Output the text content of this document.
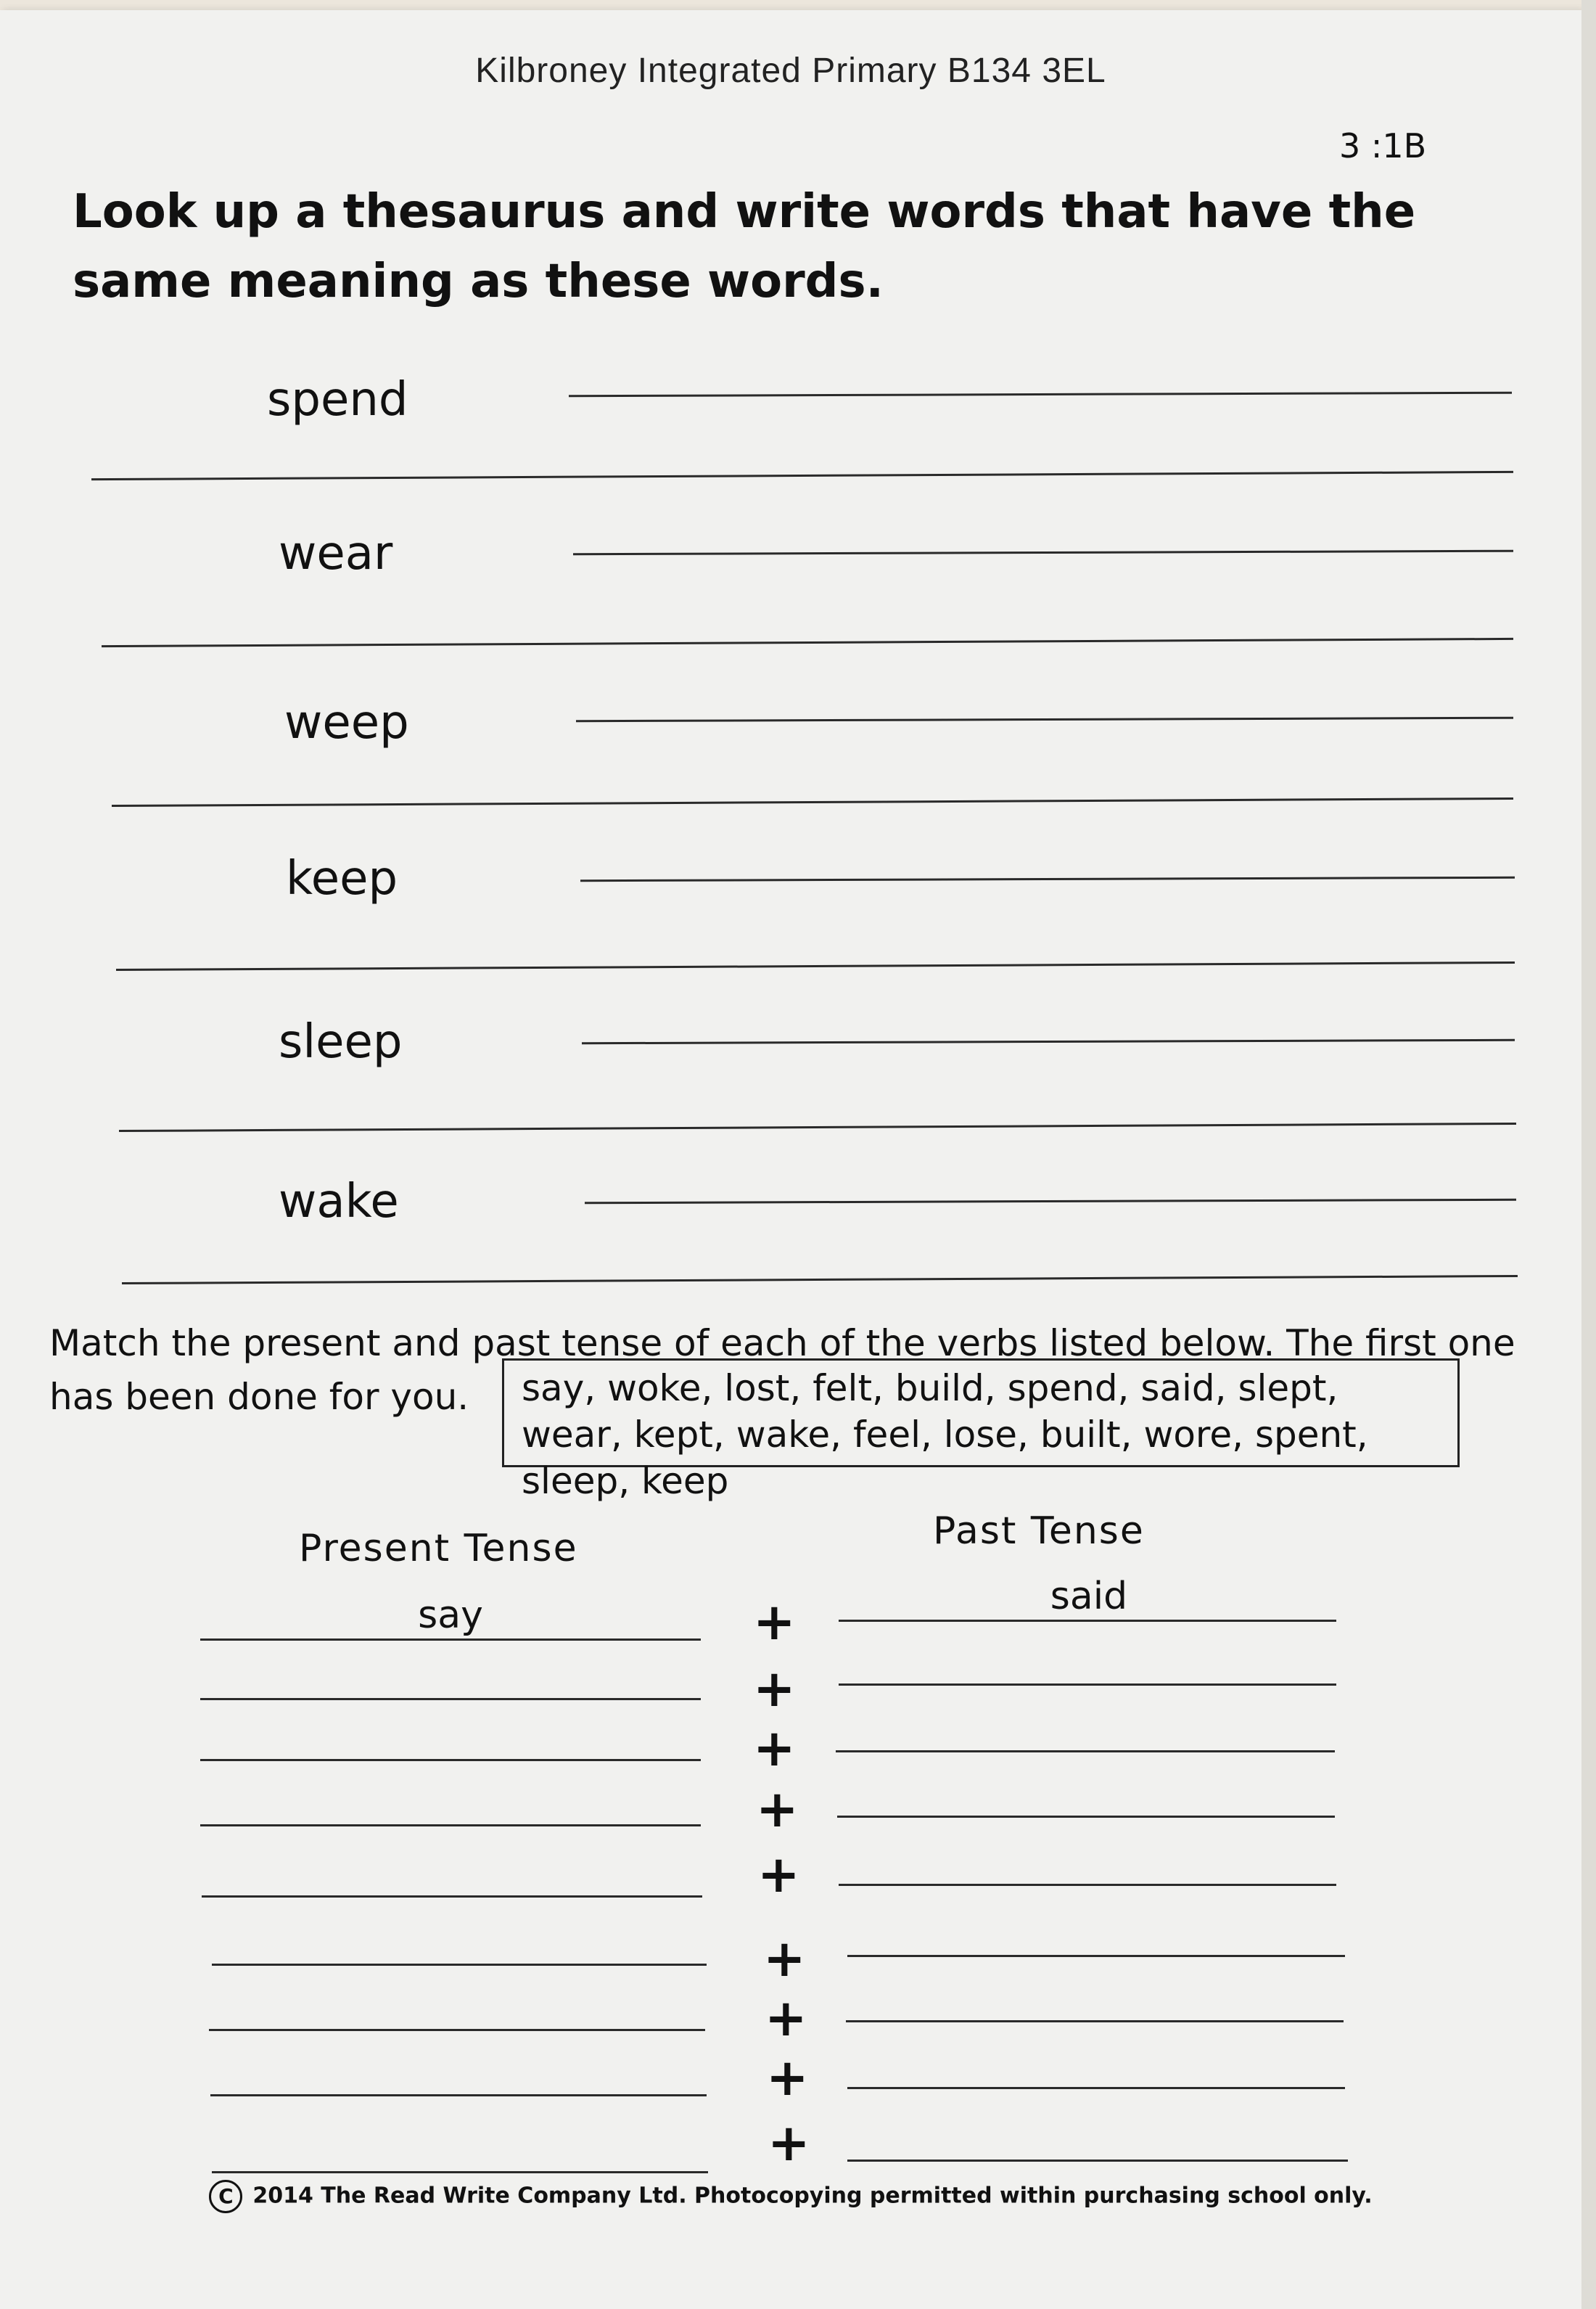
Kilbroney Integrated Primary B134 3EL
3 :1B
Look up a thesaurus and write words that have the same meaning as these words.
spend
wear
weep
keep
sleep
wake
Match the present and past tense of each of the verbs listed below. The first one has been done for you.	say, woke, lost, felt, build, spend, said, slept, wear, kept, wake, feel, lose, built, wore, spent, sleep, keep
Present Tense	Past Tense
say	said
+
+
+
+
+
+
+
+
+
C 2014 The Read Write Company Ltd. Photocopying permitted within purchasing school only.
